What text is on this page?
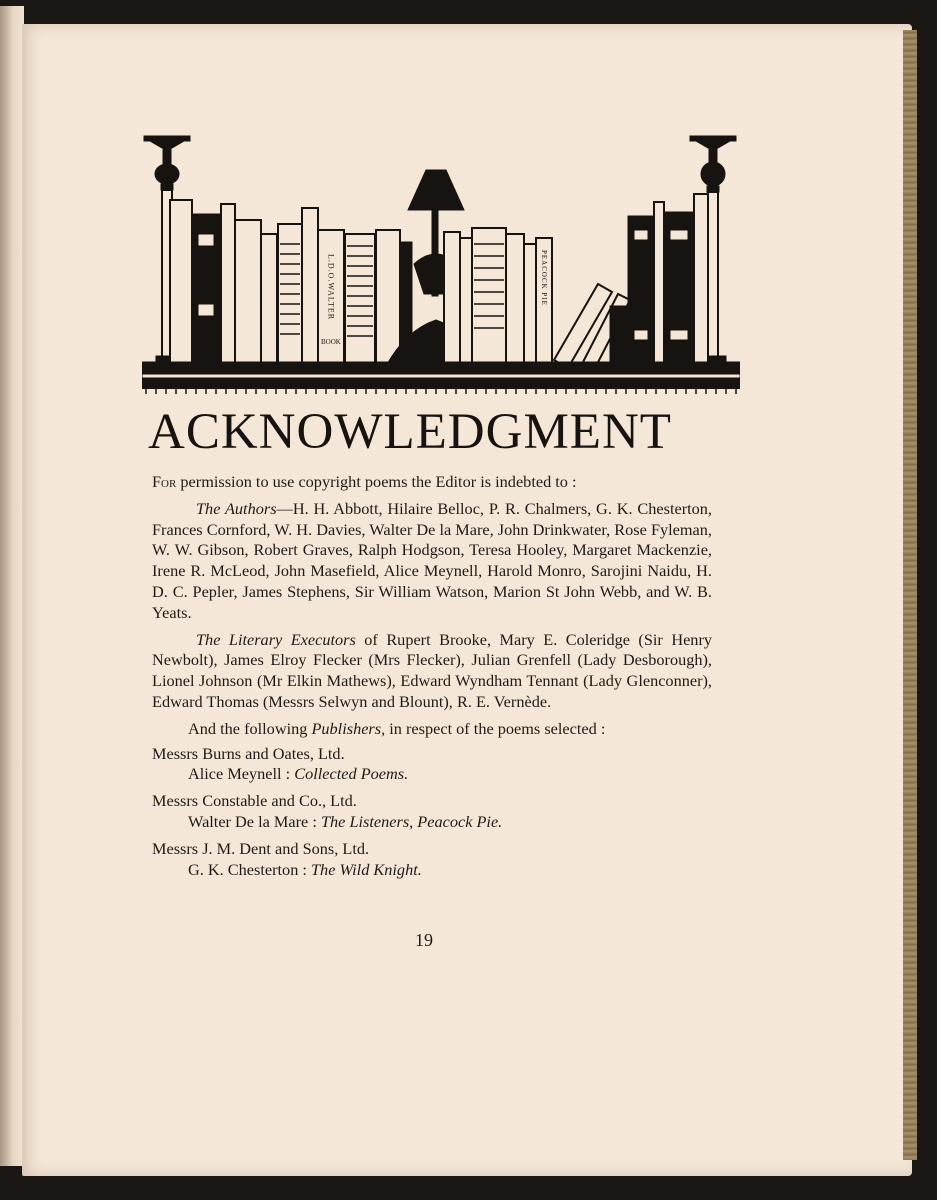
L.D.O.WALTER
BOOK
PEACOCK PIE
ACKNOWLEDGMENT

For permission to use copyright poems the Editor is indebted to :

The Authors—H. H. Abbott, Hilaire Belloc, P. R. Chalmers, G. K. Chesterton, Frances Cornford, W. H. Davies, Walter De la Mare, John Drinkwater, Rose Fyleman, W. W. Gibson, Robert Graves, Ralph Hodgson, Teresa Hooley, Margaret Mackenzie, Irene R. McLeod, John Masefield, Alice Meynell, Harold Monro, Sarojini Naidu, H. D. C. Pepler, James Stephens, Sir William Watson, Marion St John Webb, and W. B. Yeats.

The Literary Executors of Rupert Brooke, Mary E. Coleridge (Sir Henry Newbolt), James Elroy Flecker (Mrs Flecker), Julian Grenfell (Lady Desborough), Lionel Johnson (Mr Elkin Mathews), Edward Wyndham Tennant (Lady Glenconner), Edward Thomas (Messrs Selwyn and Blount), R. E. Vernède.

And the following Publishers, in respect of the poems selected :

Messrs Burns and Oates, Ltd.

Alice Meynell : Collected Poems.

Messrs Constable and Co., Ltd.

Walter De la Mare : The Listeners, Peacock Pie.

Messrs J. M. Dent and Sons, Ltd.

G. K. Chesterton : The Wild Knight.

19
